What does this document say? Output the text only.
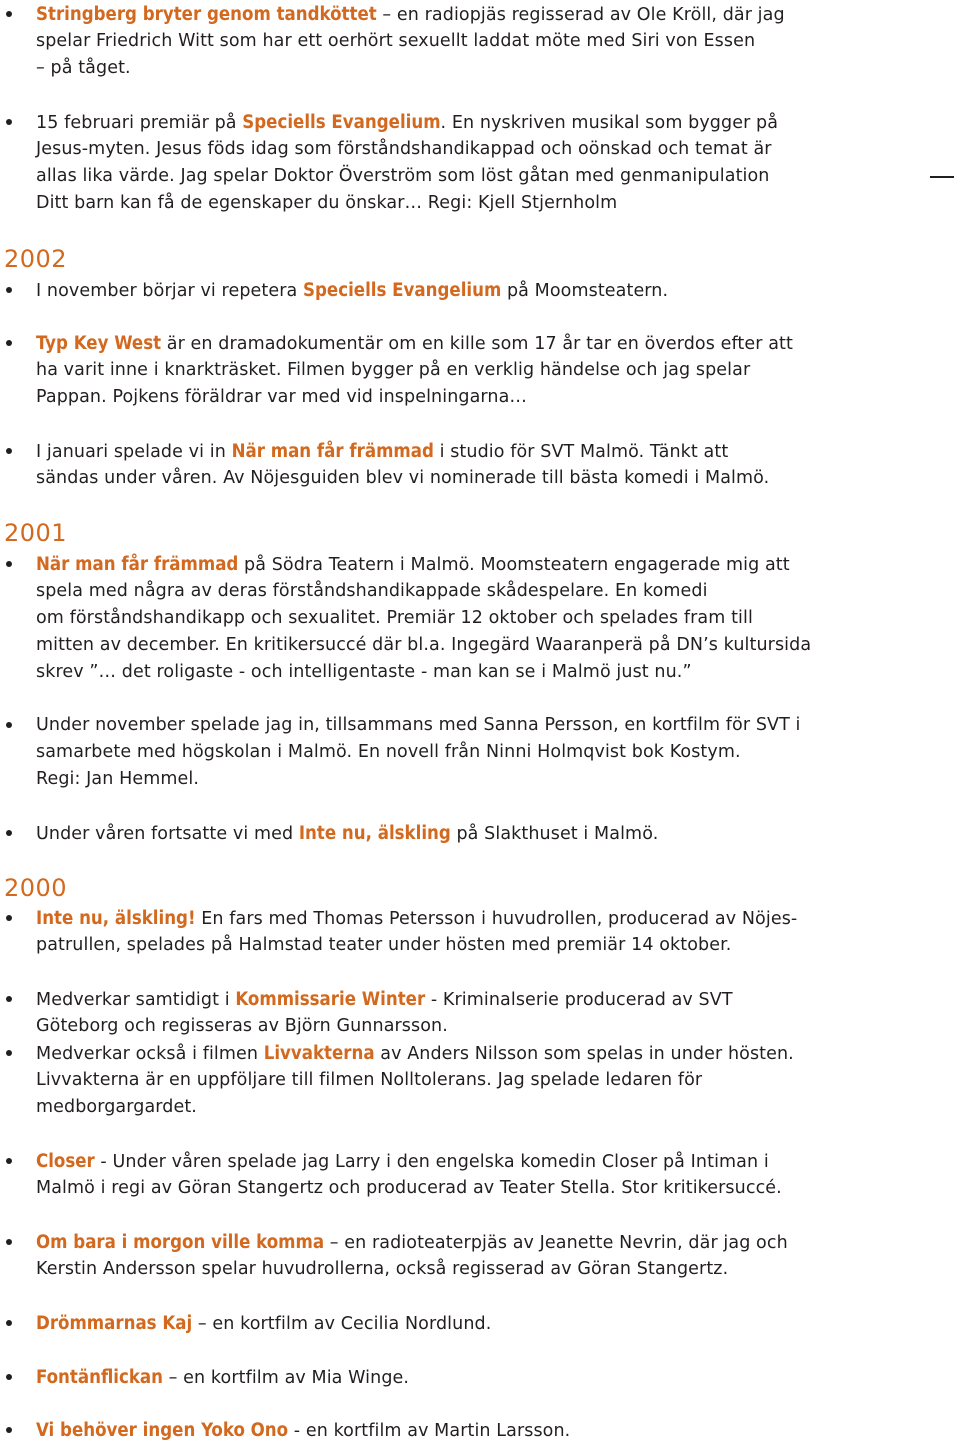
Stringberg bryter genom tandköttet – en radiopjäs regisserad av Ole Kröll, där jag
spelar Friedrich Witt som har ett oerhört sexuellt laddat möte med Siri von Essen
– på tåget.
15 februari premiär på Speciells Evangelium. En nyskriven musikal som bygger på
Jesus-myten. Jesus föds idag som förståndshandikappad och oönskad och temat är
allas lika värde. Jag spelar Doktor Överström som löst gåtan med genmanipulation
Ditt barn kan få de egenskaper du önskar… Regi: Kjell Stjernholm
2002
I november börjar vi repetera Speciells Evangelium på Moomsteatern.
Typ Key West är en dramadokumentär om en kille som 17 år tar en överdos efter att
ha varit inne i knarkträsket. Filmen bygger på en verklig händelse och jag spelar
Pappan. Pojkens föräldrar var med vid inspelningarna…
I januari spelade vi in När man får främmad i studio för SVT Malmö. Tänkt att
sändas under våren. Av Nöjesguiden blev vi nominerade till bästa komedi i Malmö.
2001
När man får främmad på Södra Teatern i Malmö. Moomsteatern engagerade mig att
spela med några av deras förståndshandikappade skådespelare. En komedi
om förståndshandikapp och sexualitet. Premiär 12 oktober och spelades fram till
mitten av december. En kritikersuccé där bl.a. Ingegärd Waaranperä på DN’s kultursida
skrev ”… det roligaste - och intelligentaste - man kan se i Malmö just nu.”
Under november spelade jag in, tillsammans med Sanna Persson, en kortfilm för SVT i
samarbete med högskolan i Malmö. En novell från Ninni Holmqvist bok Kostym.
Regi: Jan Hemmel.
Under våren fortsatte vi med Inte nu, älskling på Slakthuset i Malmö.
2000
Inte nu, älskling! En fars med Thomas Petersson i huvudrollen, producerad av Nöjes-
patrullen, spelades på Halmstad teater under hösten med premiär 14 oktober.
Medverkar samtidigt i Kommissarie Winter - Kriminalserie producerad av SVT
Göteborg och regisseras av Björn Gunnarsson.
Medverkar också i filmen Livvakterna av Anders Nilsson som spelas in under hösten.
Livvakterna är en uppföljare till filmen Nolltolerans. Jag spelade ledaren för
medborgargardet.
Closer - Under våren spelade jag Larry i den engelska komedin Closer på Intiman i
Malmö i regi av Göran Stangertz och producerad av Teater Stella. Stor kritikersuccé.
Om bara i morgon ville komma – en radioteaterpjäs av Jeanette Nevrin, där jag och
Kerstin Andersson spelar huvudrollerna, också regisserad av Göran Stangertz.
Drömmarnas Kaj – en kortfilm av Cecilia Nordlund.
Fontänflickan – en kortfilm av Mia Winge.
Vi behöver ingen Yoko Ono - en kortfilm av Martin Larsson.
